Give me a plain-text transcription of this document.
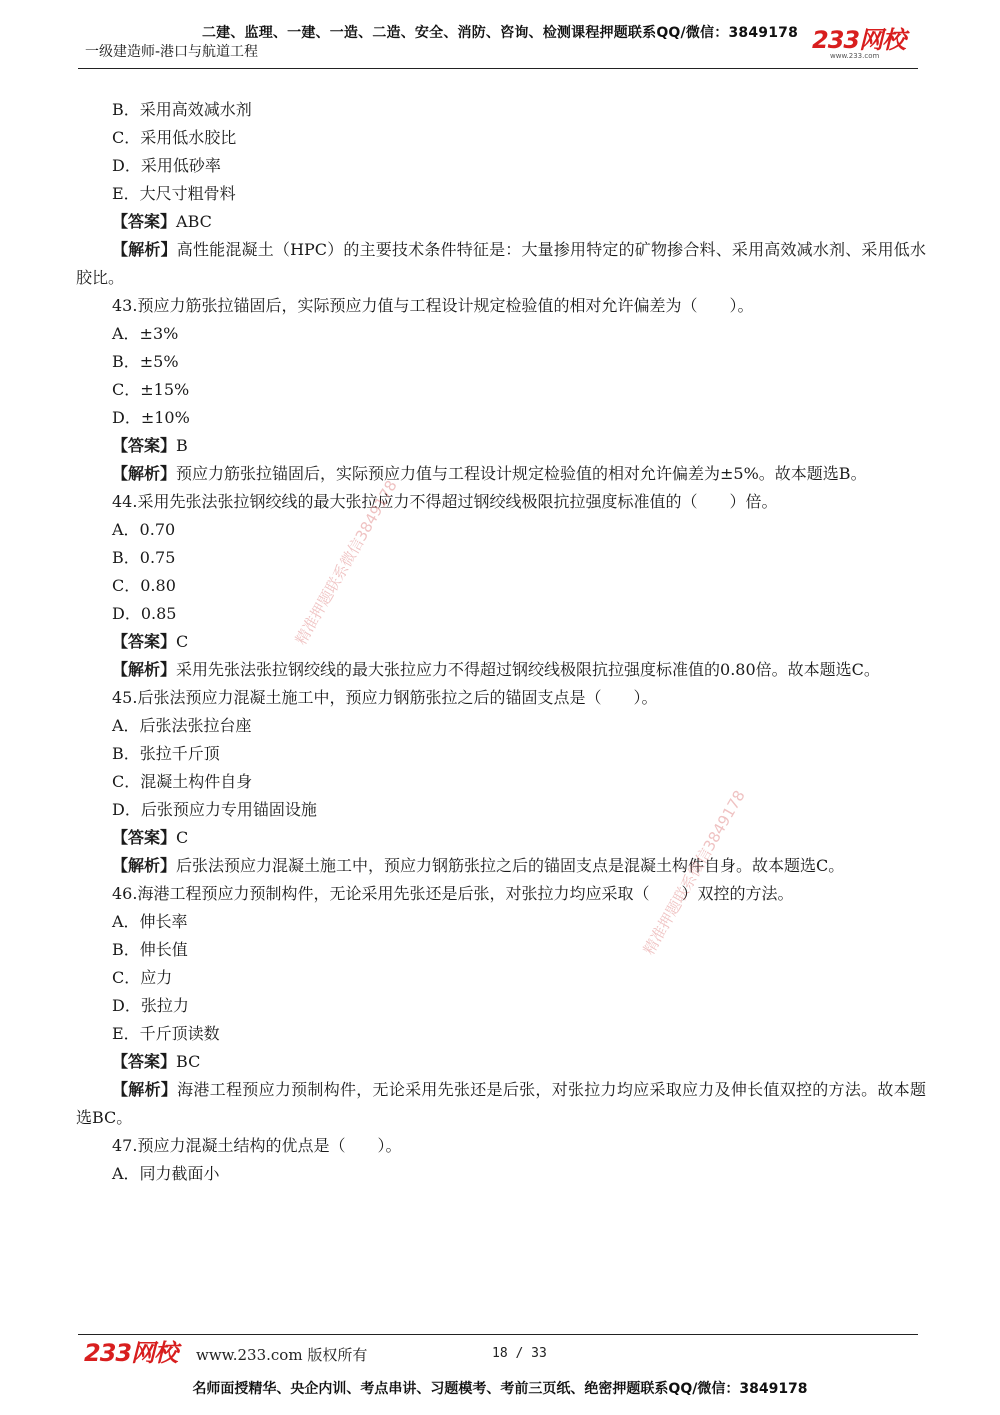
二建、监理、一建、一造、二造、安全、消防、咨询、检测课程押题联系QQ/微信：3849178
一级建造师-港口与航道工程	233网校
www.233.com
B．采用高效减水剂
C．采用低水胶比
D．采用低砂率
E．大尺寸粗骨料
【答案】ABC
【解析】高性能混凝土（HPC）的主要技术条件特征是：大量掺用特定的矿物掺合料、采用高效减水剂、采用低水胶比。
43.预应力筋张拉锚固后，实际预应力值与工程设计规定检验值的相对允许偏差为（　　）。
A．±3%
B．±5%
C．±15%
D．±10%
【答案】B
【解析】预应力筋张拉锚固后，实际预应力值与工程设计规定检验值的相对允许偏差为±5%。故本题选B。
44.采用先张法张拉钢绞线的最大张拉应力不得超过钢绞线极限抗拉强度标准值的（　　）倍。
A．0.70
B．0.75
C．0.80
D．0.85
【答案】C
【解析】采用先张法张拉钢绞线的最大张拉应力不得超过钢绞线极限抗拉强度标准值的0.80倍。故本题选C。
45.后张法预应力混凝土施工中，预应力钢筋张拉之后的锚固支点是（　　）。
A．后张法张拉台座
B．张拉千斤顶
C．混凝土构件自身
D．后张预应力专用锚固设施
【答案】C
【解析】后张法预应力混凝土施工中，预应力钢筋张拉之后的锚固支点是混凝土构件自身。故本题选C。
46.海港工程预应力预制构件，无论采用先张还是后张，对张拉力均应采取（　　）双控的方法。
A．伸长率
B．伸长值
C．应力
D．张拉力
E．千斤顶读数
【答案】BC
【解析】海港工程预应力预制构件，无论采用先张还是后张，对张拉力均应采取应力及伸长值双控的方法。故本题选BC。
47.预应力混凝土结构的优点是（　　）。
A．同力截面小
精准押题联系微信3849178
精准押题联系微信3849178
233网校 www.233.com 版权所有	18 / 33
名师面授精华、央企内训、考点串讲、习题模考、考前三页纸、绝密押题联系QQ/微信：3849178
